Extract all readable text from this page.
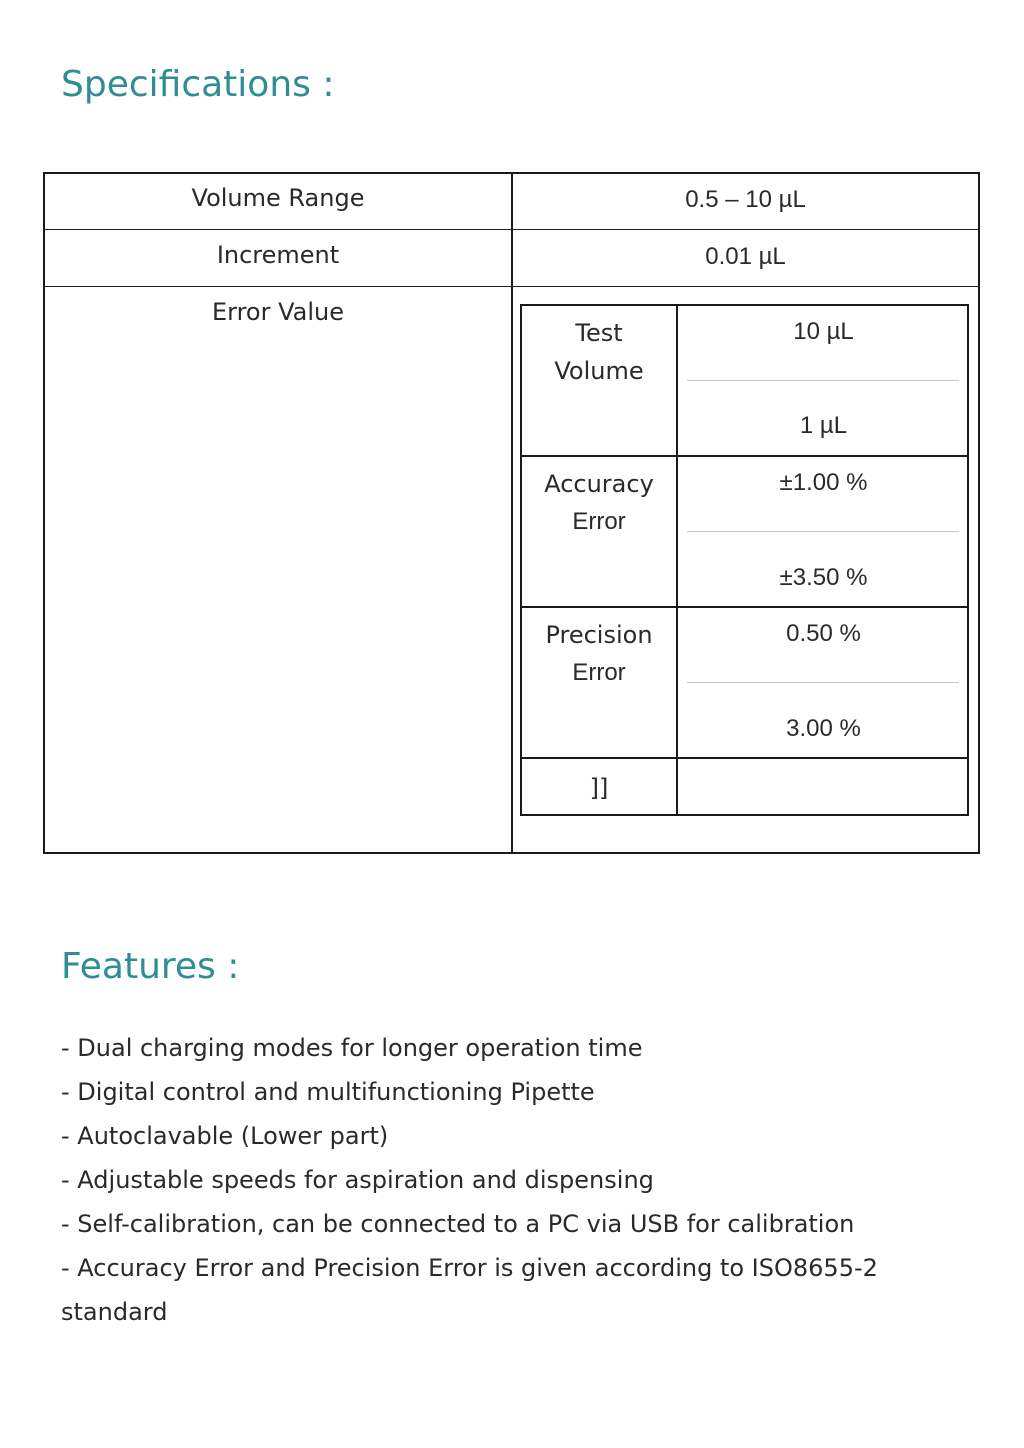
Specifications :
Volume Range	0.5 – 10 µL
Increment	0.01 µL
Error Value
Test
Volume
10 µL
1 µL
Accuracy
Error
±1.00 %
±3.50 %
Precision
Error
0.50 %
3.00 %
]]
Features :
- Dual charging modes for longer operation time
- Digital control and multifunctioning Pipette
- Autoclavable (Lower part)
- Adjustable speeds for aspiration and dispensing
- Self-calibration, can be connected to a PC via USB for calibration
- Accuracy Error and Precision Error is given according to ISO8655-2 standard
